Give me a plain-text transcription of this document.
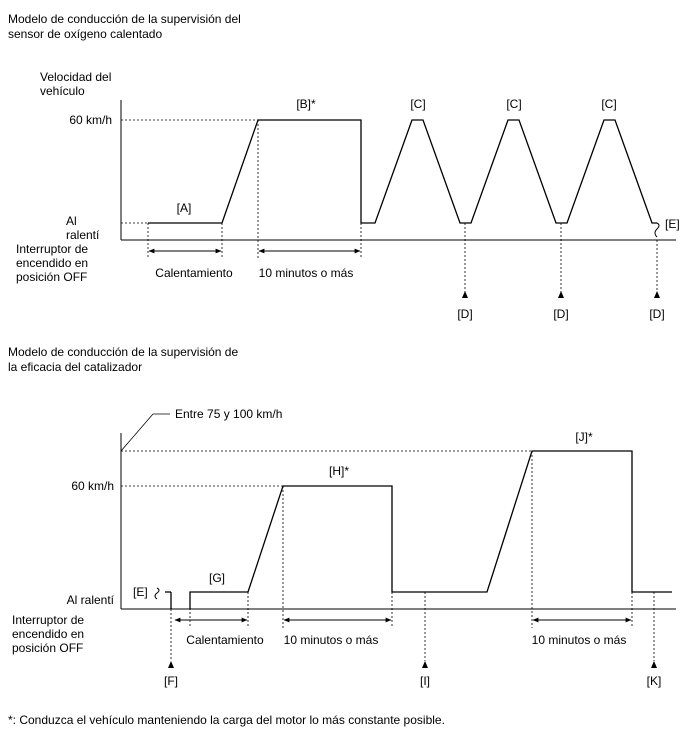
Modelo de conducción de la supervisión del
sensor de oxígeno calentado
Velocidad del
vehículo
60 km/h
Al
ralentí
Interruptor de
encendido en
posición OFF
[A]
[B]*	[C]	[C]	[C]
[E]
Calentamiento 10 minutos o más
[D]	[D]	[D]
Modelo de conducción de la supervisión de
la eficacia del catalizador
Entre 75 y 100 km/h
60 km/h
Al ralentí
Interruptor de
encendido en
posición OFF
[E]
[G]
[H]*
[J]*
Calentamiento 10 minutos o más	10 minutos o más
[F]	[I]	[K]
*: Conduzca el vehículo manteniendo la carga del motor lo más constante posible.
